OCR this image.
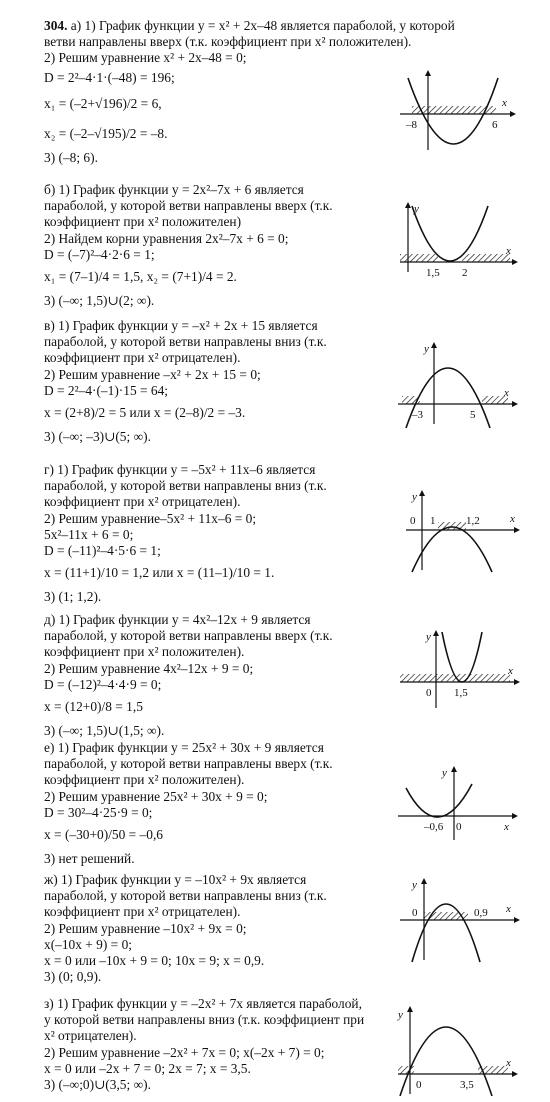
304. а) 1) График функции y = x² + 2x–48 является параболой, у которой
ветви направлены вверх (т.к. коэффициент при x² положителен).
2) Решим уравнение x² + 2x–48 = 0;
D = 2²–4·1·(–48) = 196;
x₁ = (–2+√196)/2 = 6,
x₂ = (–2–√195)/2 = –8.
3) (–8; 6).
б) 1) График функции y = 2x²–7x + 6 является параболой, у которой ветви направлены вверх (т.к. коэффициент при x² положителен)
2) Найдем корни уравнения 2x²–7x + 6 = 0;
D = (–7)²–4·2·6 = 1;
x₁ = (7–1)/4 = 1,5, x₂ = (7+1)/4 = 2.
3) (–∞; 1,5)∪(2; ∞).
в) 1) График функции y = –x² + 2x + 15 является параболой, у которой ветви направлены вниз (т.к. коэффициент при x² отрицателен).
2) Решим уравнение –x² + 2x + 15 = 0;
D = 2²–4·(–1)·15 = 64;
x = (2+8)/2 = 5 или x = (2–8)/2 = –3.
3) (–∞; –3)∪(5; ∞).
г) 1) График функции y = –5x² + 11x–6 является параболой, у которой ветви направлены вниз (т.к. коэффициент при x² отрицателен).
2) Решим уравнение–5x² + 11x–6 = 0;
5x²–11x + 6 = 0;
D = (–11)²–4·5·6 = 1;
x = (11+1)/10 = 1,2 или x = (11–1)/10 = 1.
3) (1; 1,2).
д) 1) График функции y = 4x²–12x + 9 является параболой, у которой ветви направлены вверх (т.к. коэффициент при x² положителен).
2) Решим уравнение 4x²–12x + 9 = 0;
D = (–12)²–4·4·9 = 0;
x = (12+0)/8 = 1,5
3) (–∞; 1,5)∪(1,5; ∞).
е) 1) График функции y = 25x² + 30x + 9 является параболой, у которой ветви направлены вверх (т.к. коэффициент при x² положителен).
2) Решим уравнение 25x² + 30x + 9 = 0;
D = 30²–4·25·9 = 0;
x = (–30+0)/50 = –0,6
3) нет решений.
ж) 1) График функции y = –10x² + 9x является параболой, у которой ветви направлены вниз (т.к. коэффициент при x² отрицателен).
2) Решим уравнение –10x² + 9x = 0;
x(–10x + 9) = 0;
x = 0 или –10x + 9 = 0; 10x = 9; x = 0,9.
3) (0; 0,9).
з) 1) График функции y = –2x² + 7x является параболой, у которой ветви направлены вниз (т.к. коэффициент при x² отрицателен).
2) Решим уравнение –2x² + 7x = 0; x(–2x + 7) = 0;
x = 0 или –2x + 7 = 0; 2x = 7; x = 3,5.
3) (–∞;0)∪(3,5; ∞).
x
–8	6
y
x
1,5 2
y
x
–3	5
y
x
0 1	1,2
y
x
0 1,5
y
x
–0,6 0
y
x
0	0,9
y
x
0	3,5
